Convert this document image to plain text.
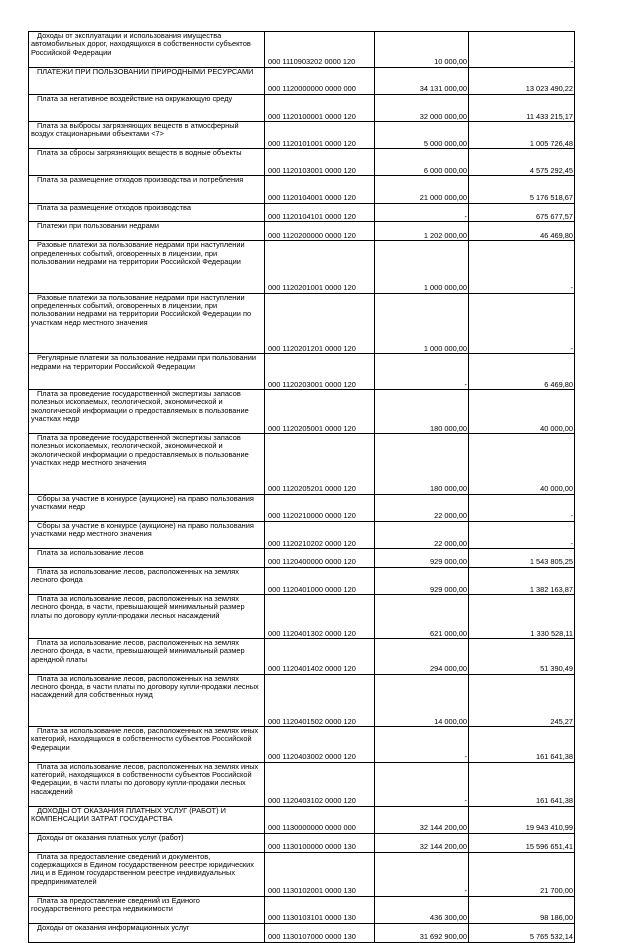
Доходы от эксплуатации и использования имущества автомобильных дорог, находящихся в собственности субъектов Российской Федерации	000 1110903202 0000 120	10 000,00	-
ПЛАТЕЖИ ПРИ ПОЛЬЗОВАНИИ ПРИРОДНЫМИ РЕСУРСАМИ	000 1120000000 0000 000	34 131 000,00	13 023 490,22
Плата за негативное воздействие на окружающую среду	000 1120100001 0000 120	32 000 000,00	11 433 215,17
Плата за выбросы загрязняющих веществ в атмосферный воздух стационарными объектами <7>	000 1120101001 0000 120	5 000 000,00	1 005 726,48
Плата за сбросы загрязняющих веществ в водные объекты	000 1120103001 0000 120	6 000 000,00	4 575 292,45
Плата за размещение отходов производства и потребления	000 1120104001 0000 120	21 000 000,00	5 176 518,67
Плата за размещение отходов производства	000 1120104101 0000 120	-	675 677,57
Платежи при пользовании недрами	000 1120200000 0000 120	1 202 000,00	46 469,80
Разовые платежи за пользование недрами при наступлении определенных событий, оговоренных в лицензии, при пользовании недрами на территории Российской Федерации	000 1120201001 0000 120	1 000 000,00	-
Разовые платежи за пользование недрами при наступлении определенных событий, оговоренных в лицензии, при пользовании недрами на территории Российской Федерации по участкам недр местного значения	000 1120201201 0000 120	1 000 000,00	-
Регулярные платежи за пользование недрами при пользовании недрами на территории Российской Федерации	000 1120203001 0000 120	-	6 469,80
Плата за проведение государственной экспертизы запасов полезных ископаемых, геологической, экономической и экологической информации о предоставляемых в пользование участках недр	000 1120205001 0000 120	180 000,00	40 000,00
Плата за проведение государственной экспертизы запасов полезных ископаемых, геологической, экономической и экологической информации о предоставляемых в пользование участках недр местного значения	000 1120205201 0000 120	180 000,00	40 000,00
Сборы за участие в конкурсе (аукционе) на право пользования участками недр	000 1120210000 0000 120	22 000,00	-
Сборы за участие в конкурсе (аукционе) на право пользования участками недр местного значения	000 1120210202 0000 120	22 000,00	-
Плата за использование лесов	000 1120400000 0000 120	929 000,00	1 543 805,25
Плата за использование лесов, расположенных на землях лесного фонда	000 1120401000 0000 120	929 000,00	1 382 163,87
Плата за использование лесов, расположенных на землях лесного фонда, в части, превышающей минимальный размер платы по договору купли-продажи лесных насаждений	000 1120401302 0000 120	621 000,00	1 330 528,11
Плата за использование лесов, расположенных на землях лесного фонда, в части, превышающей минимальный размер арендной платы	000 1120401402 0000 120	294 000,00	51 390,49
Плата за использование лесов, расположенных на землях лесного фонда, в части платы по договору купли-продажи лесных насаждений для собственных нужд	000 1120401502 0000 120	14 000,00	245,27
Плата за использование лесов, расположенных на землях иных категорий, находящихся в собственности субъектов Российской Федерации	000 1120403002 0000 120	-	161 641,38
Плата за использование лесов, расположенных на землях иных категорий, находящихся в собственности субъектов Российской Федерации, в части платы по договору купли-продажи лесных насаждений	000 1120403102 0000 120	-	161 641,38
ДОХОДЫ ОТ ОКАЗАНИЯ ПЛАТНЫХ УСЛУГ (РАБОТ) И КОМПЕНСАЦИИ ЗАТРАТ ГОСУДАРСТВА	000 1130000000 0000 000	32 144 200,00	19 943 410,99
Доходы от оказания платных услуг (работ)	000 1130100000 0000 130	32 144 200,00	15 596 651,41
Плата за предоставление сведений и документов, содержащихся в Едином государственном реестре юридических лиц и в Едином государственном реестре индивидуальных предпринимателей	000 1130102001 0000 130	-	21 700,00
Плата за предоставление сведений из Единого государственного реестра недвижимости	000 1130103101 0000 130	436 300,00	98 186,00
Доходы от оказания информационных услуг	000 1130107000 0000 130	31 692 900,00	5 765 532,14
